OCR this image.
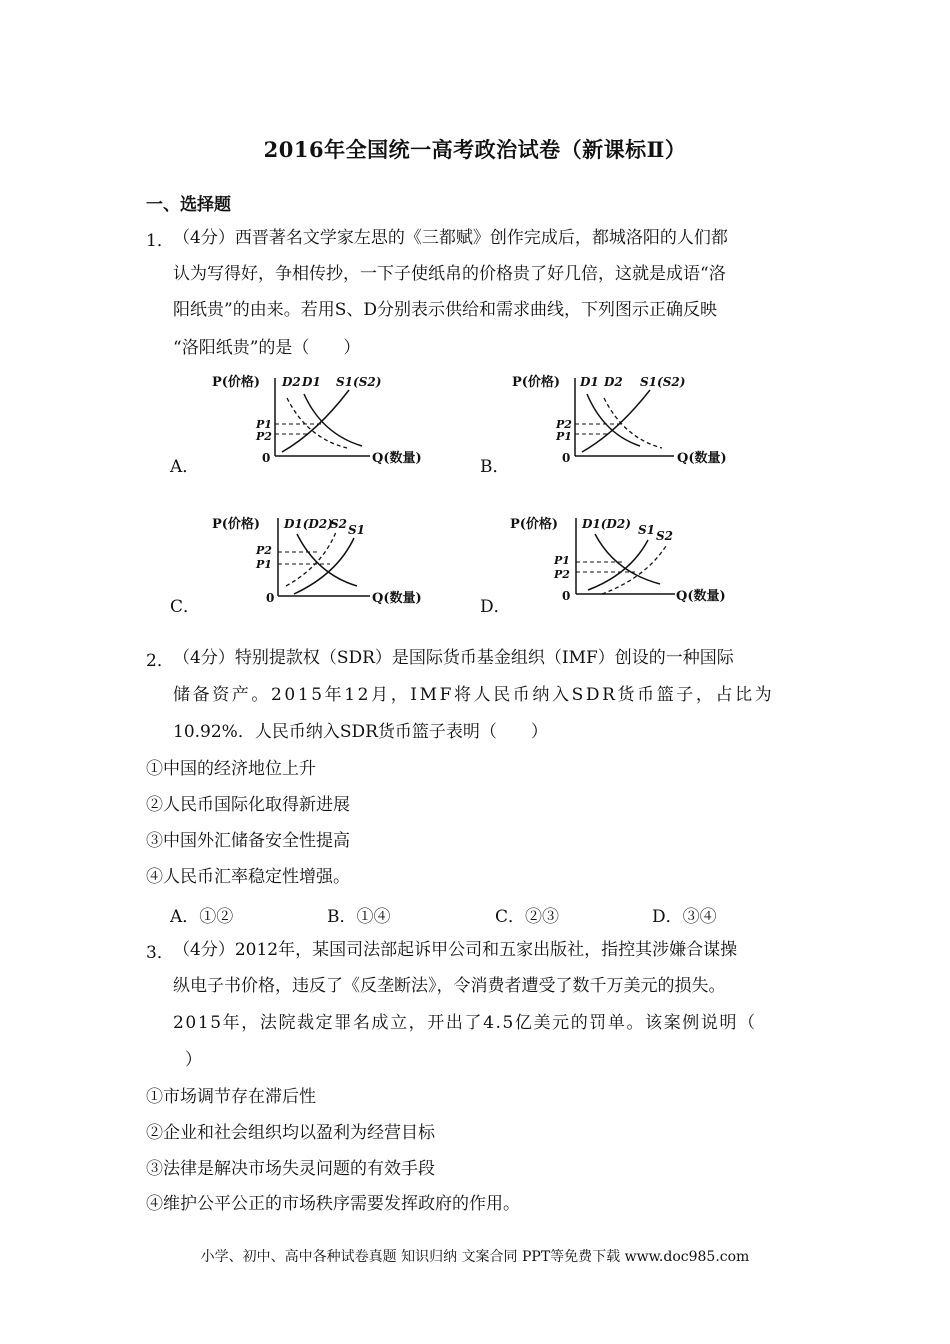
2016年全国统一高考政治试卷（新课标Ⅱ）
一、选择题
1． （4分）西晋著名文学家左思的《三都赋》创作完成后，都城洛阳的人们都
认为写得好，争相传抄，一下子使纸帛的价格贵了好几倍，这就是成语“洛
阳纸贵”的由来。若用S、D分别表示供给和需求曲线，下列图示正确反映
“洛阳纸贵”的是（　　）
A．
P(价格) D2 D1 S1(S2)
P1
P2
0	Q(数量)	B．
P(价格) D1 D2 S1(S2)
P2
P1
0	Q(数量)
C．
P(价格) D1(D2)
S2 S1
P2
P1
0	Q(数量)	D．
P(价格) D1(D2) S1 S2
P1
P2
0	Q(数量)
2． （4分）特别提款权（SDR）是国际货币基金组织（IMF）创设的一种国际
储备资产。2015年12月，IMF将人民币纳入SDR货币篮子，占比为
10.92%．人民币纳入SDR货币篮子表明（　　）
①中国的经济地位上升
②人民币国际化取得新进展
③中国外汇储备安全性提高
④人民币汇率稳定性增强。
A．①②	B．①④	C．②③	D．③④
3． （4分）2012年，某国司法部起诉甲公司和五家出版社，指控其涉嫌合谋操
纵电子书价格，违反了《反垄断法》，令消费者遭受了数千万美元的损失。
2015年，法院裁定罪名成立，开出了4.5亿美元的罚单。该案例说明（
）
①市场调节存在滞后性
②企业和社会组织均以盈利为经营目标
③法律是解决市场失灵问题的有效手段
④维护公平公正的市场秩序需要发挥政府的作用。
小学、初中、高中各种试卷真题 知识归纳 文案合同 PPT等免费下载 www.doc985.com
